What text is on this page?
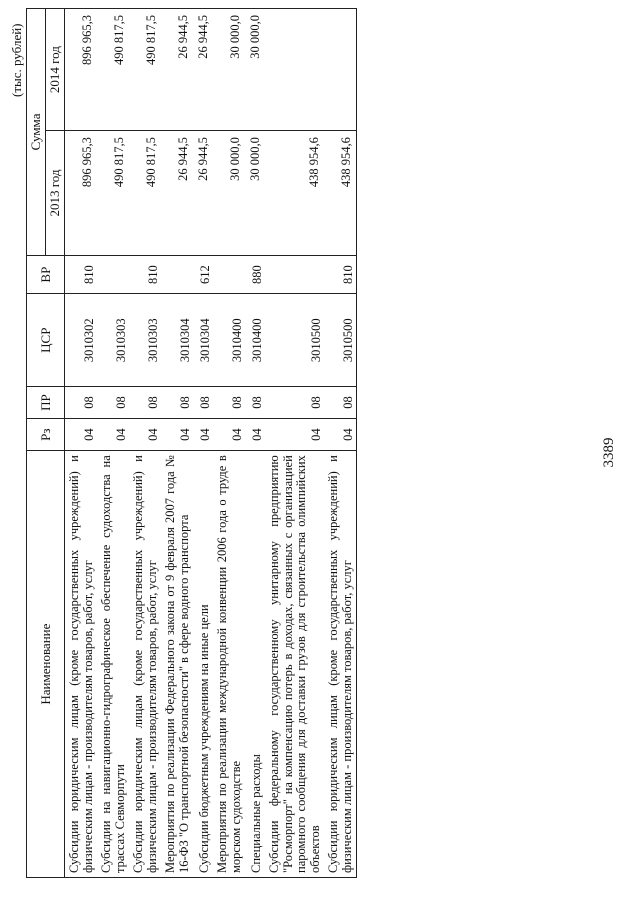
(тыс. рублей)
Наименование	Рз	ПР	ЦСР	ВР	Сумма	
					2013 год	2014 год
Субсидии юридическим лицам (кроме государственных учреждений) и физическим лицам - производителям товаров, работ, услуг	04	08	3010302	810	896 965,3	896 965,3
Субсидии на навигационно-гидрографическое обеспечение судоходства на трассах Севморпути	04	08	3010303		490 817,5	490 817,5
Субсидии юридическим лицам (кроме государственных учреждений) и физическим лицам - производителям товаров, работ, услуг	04	08	3010303	810	490 817,5	490 817,5
Мероприятия по реализации Федерального закона от 9 февраля 2007 года № 16-ФЗ "О транспортной безопасности" в сфере водного транспорта	04	08	3010304		26 944,5	26 944,5
Субсидии бюджетным учреждениям на иные цели	04	08	3010304	612	26 944,5	26 944,5
Мероприятия по реализации международной конвенции 2006 года о труде в морском судоходстве	04	08	3010400		30 000,0	30 000,0
Специальные расходы	04	08	3010400	880	30 000,0	30 000,0
Субсидии федеральному государственному унитарному предприятию "Росморпорт" на компенсацию потерь в доходах, связанных с организацией паромного сообщения для доставки грузов для строительства олимпийских объектов	04	08	3010500		438 954,6	
Субсидии юридическим лицам (кроме государственных учреждений) и физическим лицам - производителям товаров, работ, услуг	04	08	3010500	810	438 954,6	
3389
